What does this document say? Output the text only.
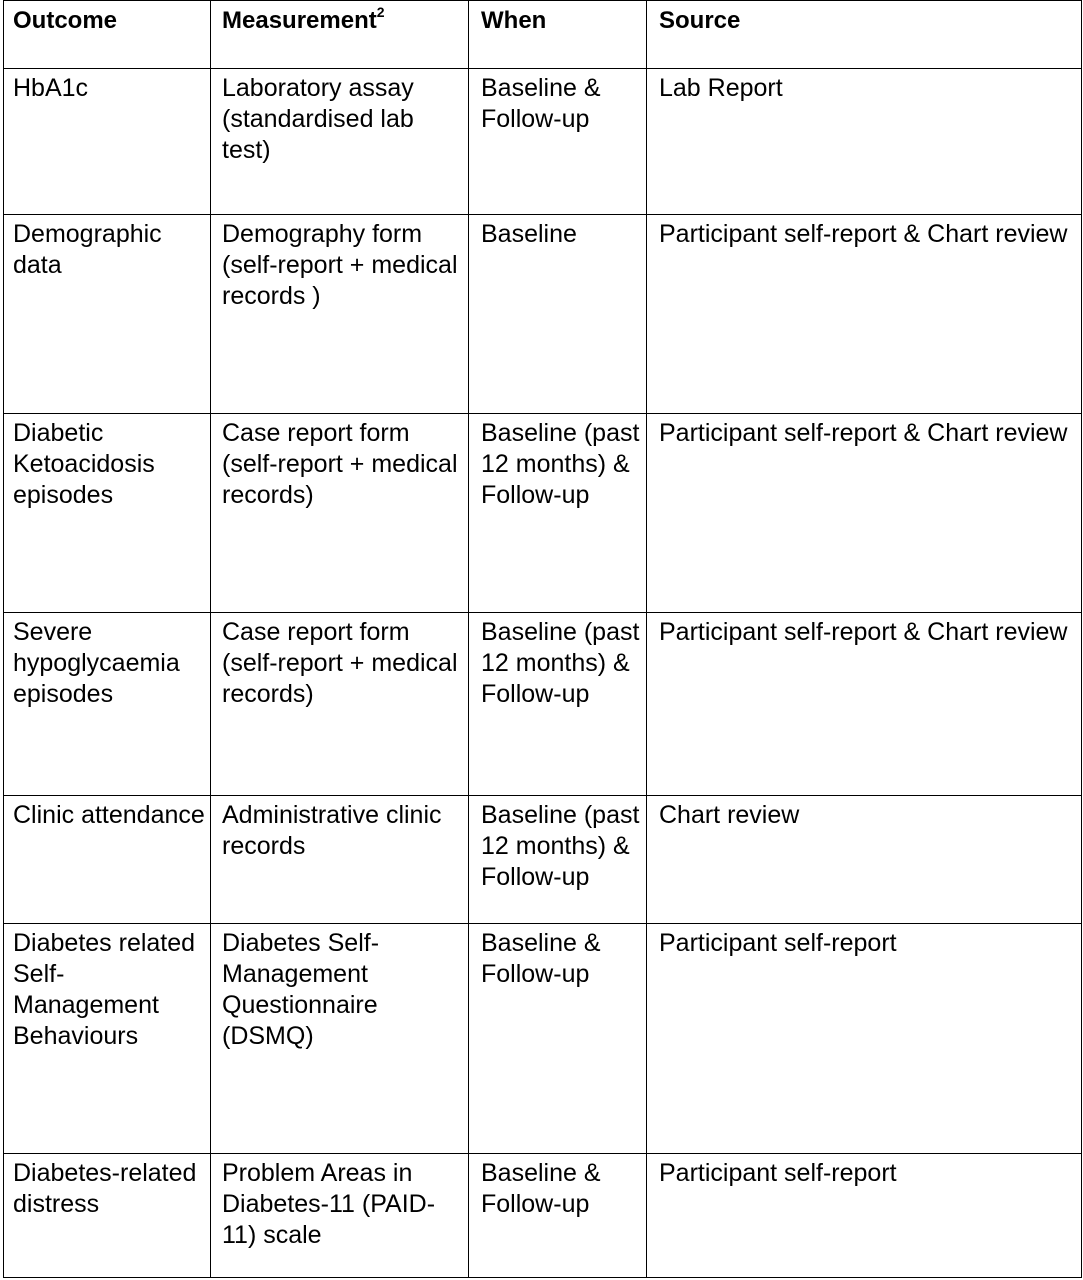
Outcome	Measurement$^2$	When	Source
HbA1c	Laboratory assay (standardised lab test)	Baseline & Follow-up	Lab Report
Demographic data	Demography form (self-report + medical records )	Baseline	Participant self-report & Chart review
Diabetic Ketoacidosis episodes	Case report form (self-report + medical records)	Baseline (past 12 months) & Follow-up	Participant self-report & Chart review
Severe hypoglycaemia episodes	Case report form (self-report + medical records)	Baseline (past 12 months) & Follow-up	Participant self-report & Chart review
Clinic attendance	Administrative clinic records	Baseline (past 12 months) & Follow-up	Chart review
Diabetes related Self-Management Behaviours	Diabetes Self-Management Questionnaire (DSMQ)	Baseline & Follow-up	Participant self-report
Diabetes-related distress	Problem Areas in Diabetes-11 (PAID-11) scale	Baseline & Follow-up	Participant self-report
